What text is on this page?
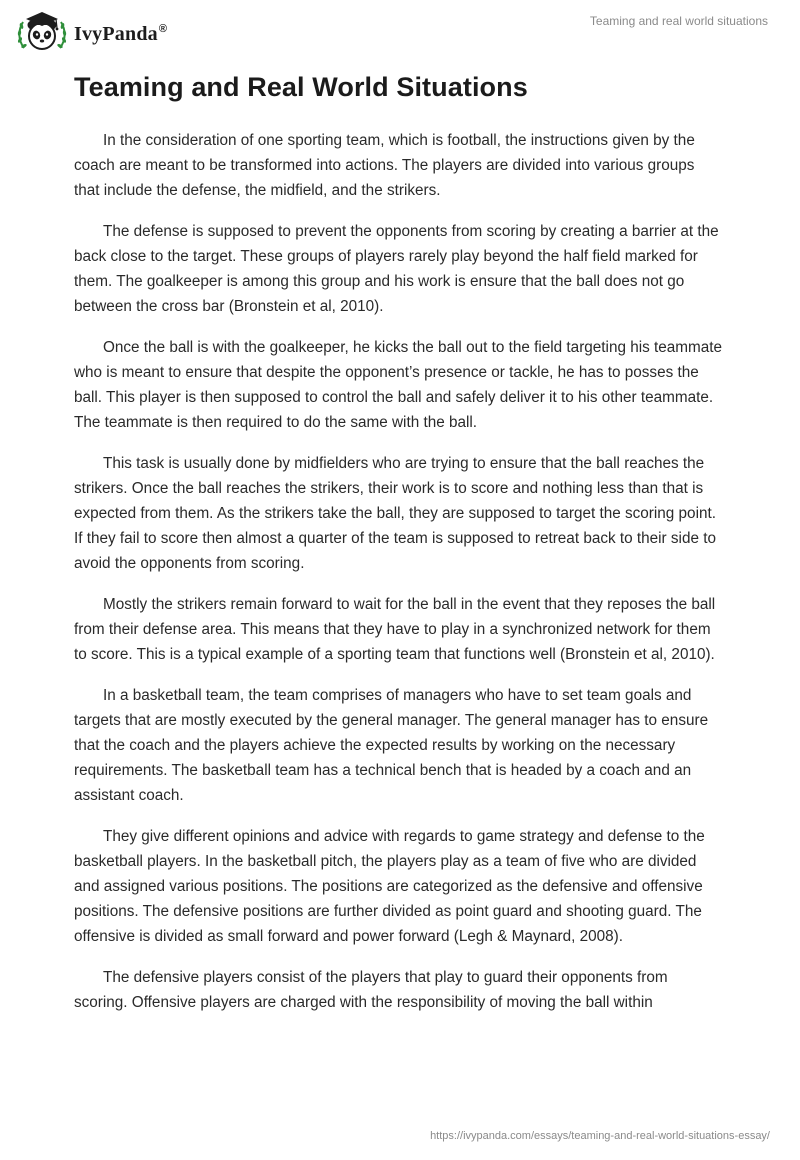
IvyPanda®
Teaming and real world situations
Teaming and Real World Situations

In the consideration of one sporting team, which is football, the instructions given by the coach are meant to be transformed into actions. The players are divided into various groups that include the defense, the midfield, and the strikers.

The defense is supposed to prevent the opponents from scoring by creating a barrier at the back close to the target. These groups of players rarely play beyond the half field marked for them. The goalkeeper is among this group and his work is ensure that the ball does not go between the cross bar (Bronstein et al, 2010).

Once the ball is with the goalkeeper, he kicks the ball out to the field targeting his teammate who is meant to ensure that despite the opponent’s presence or tackle, he has to posses the ball. This player is then supposed to control the ball and safely deliver it to his other teammate. The teammate is then required to do the same with the ball.

This task is usually done by midfielders who are trying to ensure that the ball reaches the strikers. Once the ball reaches the strikers, their work is to score and nothing less than that is expected from them. As the strikers take the ball, they are supposed to target the scoring point. If they fail to score then almost a quarter of the team is supposed to retreat back to their side to avoid the opponents from scoring.

Mostly the strikers remain forward to wait for the ball in the event that they reposes the ball from their defense area. This means that they have to play in a synchronized network for them to score. This is a typical example of a sporting team that functions well (Bronstein et al, 2010).

In a basketball team, the team comprises of managers who have to set team goals and targets that are mostly executed by the general manager. The general manager has to ensure that the coach and the players achieve the expected results by working on the necessary requirements. The basketball team has a technical bench that is headed by a coach and an assistant coach.

They give different opinions and advice with regards to game strategy and defense to the basketball players. In the basketball pitch, the players play as a team of five who are divided and assigned various positions. The positions are categorized as the defensive and offensive positions. The defensive positions are further divided as point guard and shooting guard. The offensive is divided as small forward and power forward (Legh & Maynard, 2008).

The defensive players consist of the players that play to guard their opponents from scoring. Offensive players are charged with the responsibility of moving the ball within

https://ivypanda.com/essays/teaming-and-real-world-situations-essay/
